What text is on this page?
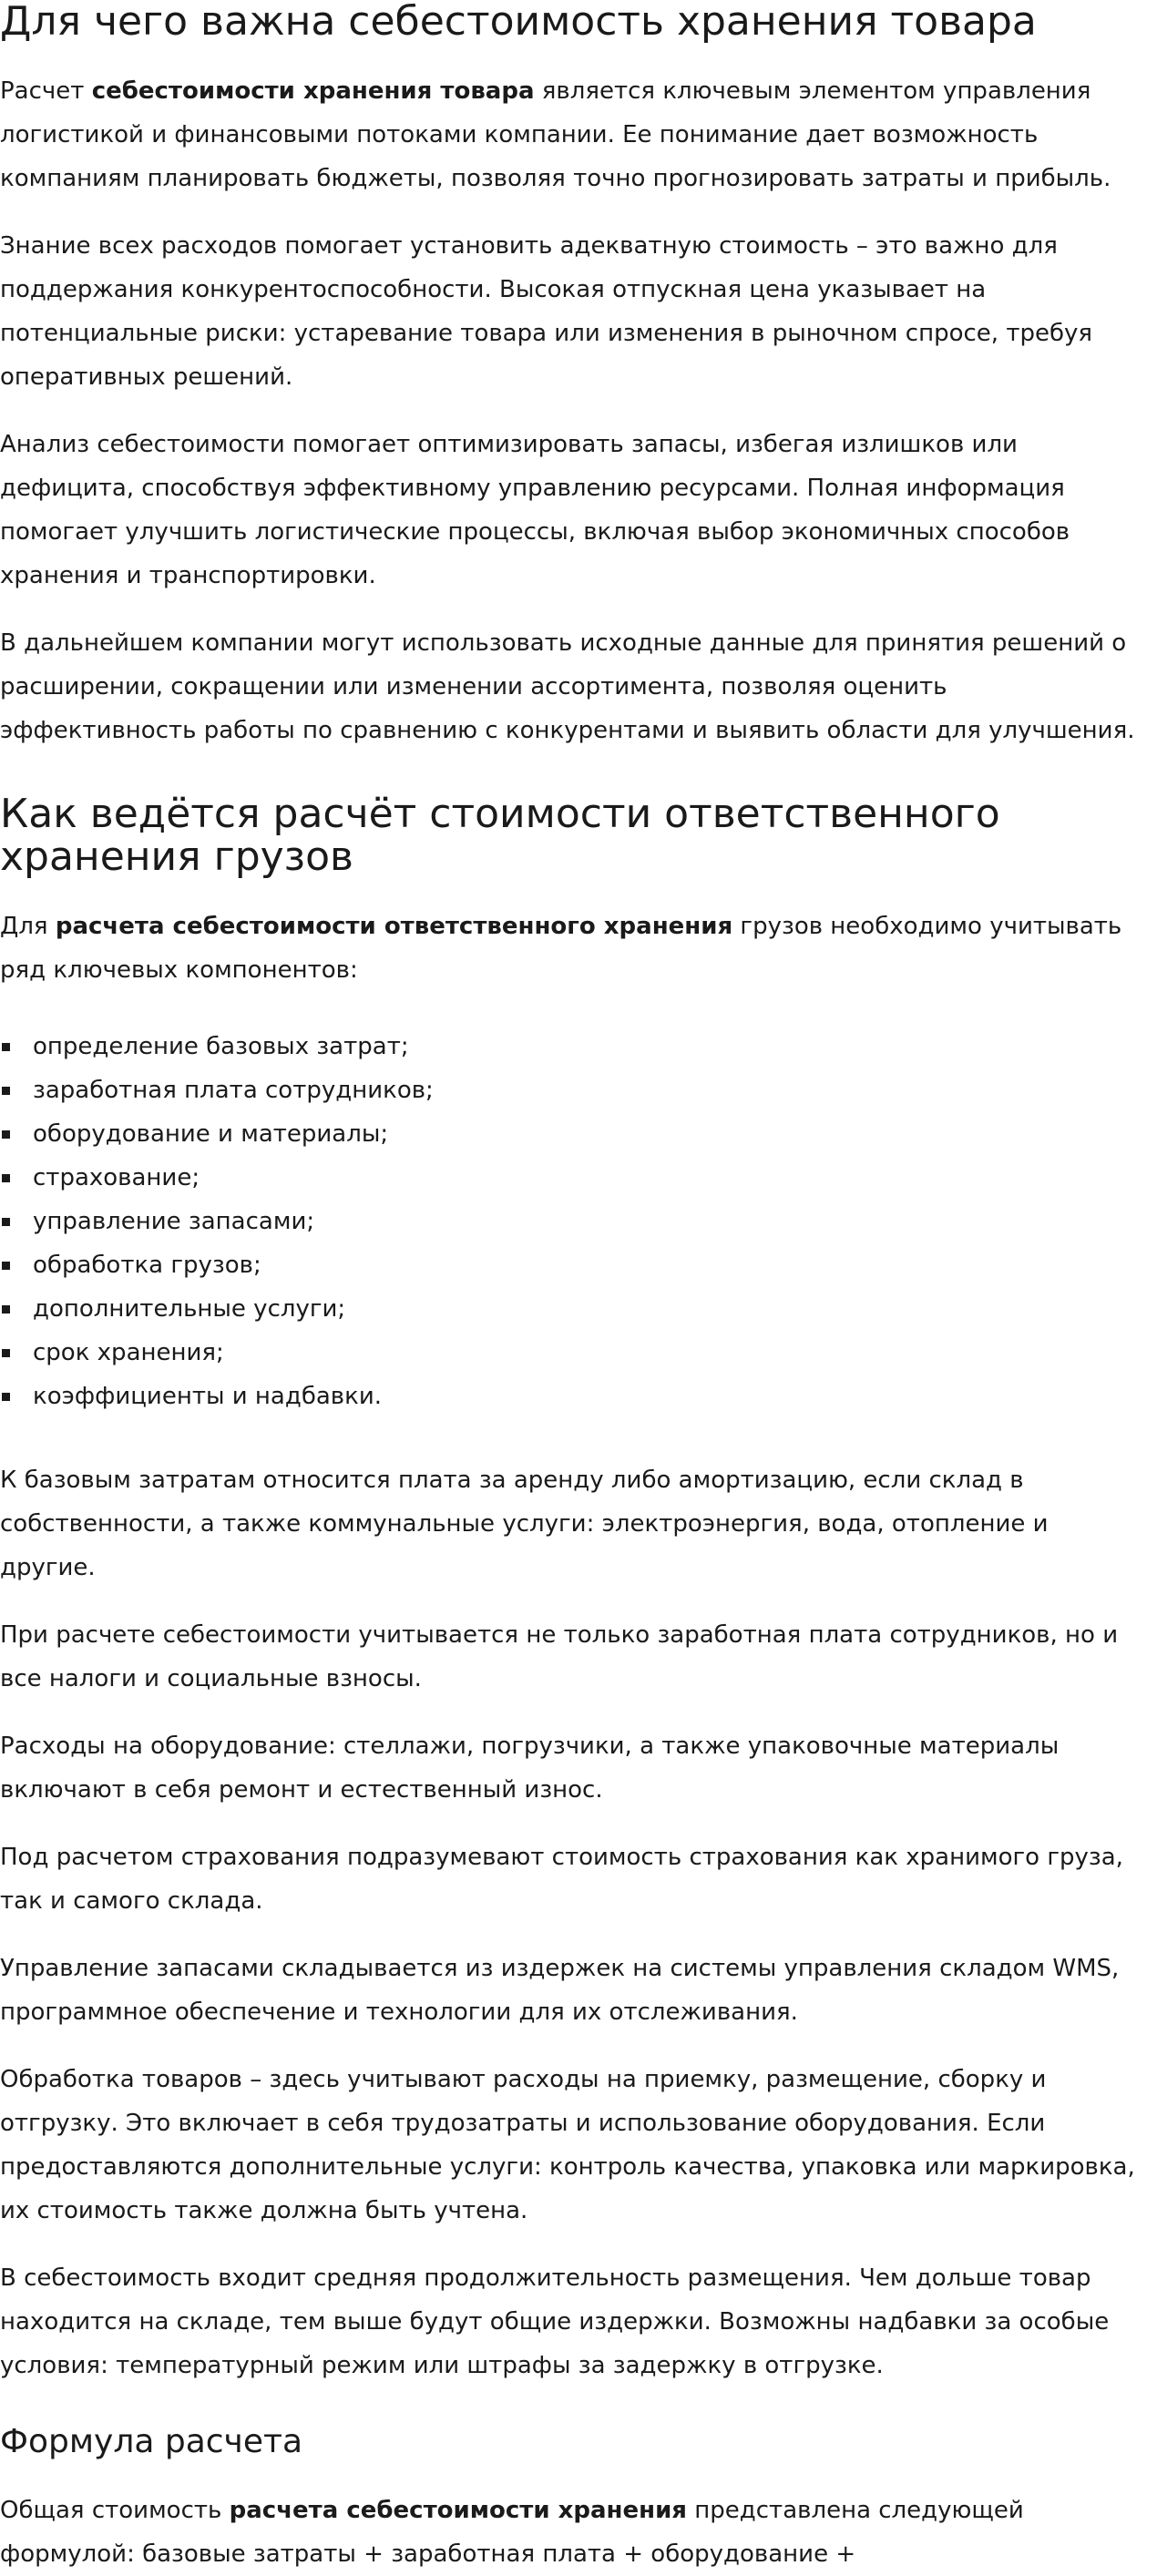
Для чего важна себестоимость хранения товара

Расчет себестоимости хранения товара является ключевым элементом управления логистикой и финансовыми потоками компании. Ее понимание дает возможность компаниям планировать бюджеты, позволяя точно прогнозировать затраты и прибыль.

Знание всех расходов помогает установить адекватную стоимость – это важно для поддержания конкурентоспособности. Высокая отпускная цена указывает на потенциальные риски: устаревание товара или изменения в рыночном спросе, требуя оперативных решений.

Анализ себестоимости помогает оптимизировать запасы, избегая излишков или дефицита, способствуя эффективному управлению ресурсами. Полная информация помогает улучшить логистические процессы, включая выбор экономичных способов хранения и транспортировки.

В дальнейшем компании могут использовать исходные данные для принятия решений о расширении, сокращении или изменении ассортимента, позволяя оценить эффективность работы по сравнению с конкурентами и выявить области для улучшения.

Как ведётся расчёт стоимости ответственного хранения грузов

Для расчета себестоимости ответственного хранения грузов необходимо учитывать ряд ключевых компонентов:

определение базовых затрат;
заработная плата сотрудников;
оборудование и материалы;
страхование;
управление запасами;
обработка грузов;
дополнительные услуги;
срок хранения;
коэффициенты и надбавки.

К базовым затратам относится плата за аренду либо амортизацию, если склад в собственности, а также коммунальные услуги: электроэнергия, вода, отопление и другие.

При расчете себестоимости учитывается не только заработная плата сотрудников, но и все налоги и социальные взносы.

Расходы на оборудование: стеллажи, погрузчики, а также упаковочные материалы включают в себя ремонт и естественный износ.

Под расчетом страхования подразумевают стоимость страхования как хранимого груза, так и самого склада.

Управление запасами складывается из издержек на системы управления складом WMS, программное обеспечение и технологии для их отслеживания.

Обработка товаров – здесь учитывают расходы на приемку, размещение, сборку и отгрузку. Это включает в себя трудозатраты и использование оборудования. Если предоставляются дополнительные услуги: контроль качества, упаковка или маркировка, их стоимость также должна быть учтена.

В себестоимость входит средняя продолжительность размещения. Чем дольше товар находится на складе, тем выше будут общие издержки. Возможны надбавки за особые условия: температурный режим или штрафы за задержку в отгрузке.

Формула расчета

Общая стоимость расчета себестоимости хранения представлена следующей формулой: базовые затраты + заработная плата + оборудование +
